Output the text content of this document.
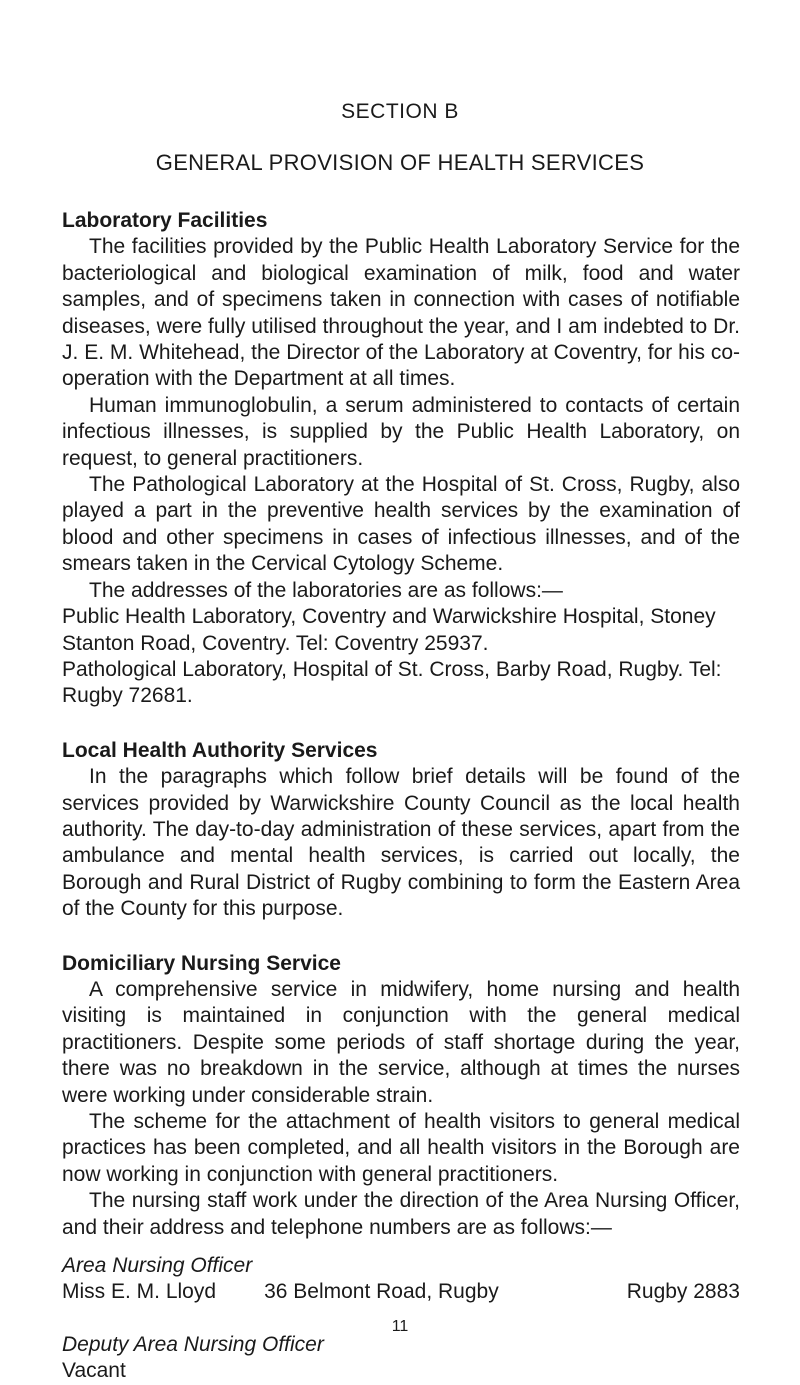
SECTION B
GENERAL PROVISION OF HEALTH SERVICES

Laboratory Facilities

The facilities provided by the Public Health Laboratory Service for the bacteriological and biological examination of milk, food and water samples, and of specimens taken in connection with cases of notifiable diseases, were fully utilised throughout the year, and I am indebted to Dr. J. E. M. Whitehead, the Director of the Laboratory at Coventry, for his co-operation with the Department at all times.

Human immunoglobulin, a serum administered to contacts of certain infectious illnesses, is supplied by the Public Health Laboratory, on request, to general practitioners.

The Pathological Laboratory at the Hospital of St. Cross, Rugby, also played a part in the preventive health services by the examination of blood and other specimens in cases of infectious illnesses, and of the smears taken in the Cervical Cytology Scheme.

The addresses of the laboratories are as follows:—

Public Health Laboratory, Coventry and Warwickshire Hospital, Stoney Stanton Road, Coventry. Tel: Coventry 25937.

Pathological Laboratory, Hospital of St. Cross, Barby Road, Rugby. Tel: Rugby 72681.

Local Health Authority Services

In the paragraphs which follow brief details will be found of the services provided by Warwickshire County Council as the local health authority. The day-to-day administration of these services, apart from the ambulance and mental health services, is carried out locally, the Borough and Rural District of Rugby combining to form the Eastern Area of the County for this purpose.

Domiciliary Nursing Service

A comprehensive service in midwifery, home nursing and health visiting is maintained in conjunction with the general medical practitioners. Despite some periods of staff shortage during the year, there was no breakdown in the service, although at times the nurses were working under considerable strain.

The scheme for the attachment of health visitors to general medical practices has been completed, and all health visitors in the Borough are now working in conjunction with general practitioners.

The nursing staff work under the direction of the Area Nursing Officer, and their address and telephone numbers are as follows:—

Area Nursing Officer

Miss E. M. Lloyd 36 Belmont Road, Rugby	Rugby 2883

Deputy Area Nursing Officer

Vacant

11
